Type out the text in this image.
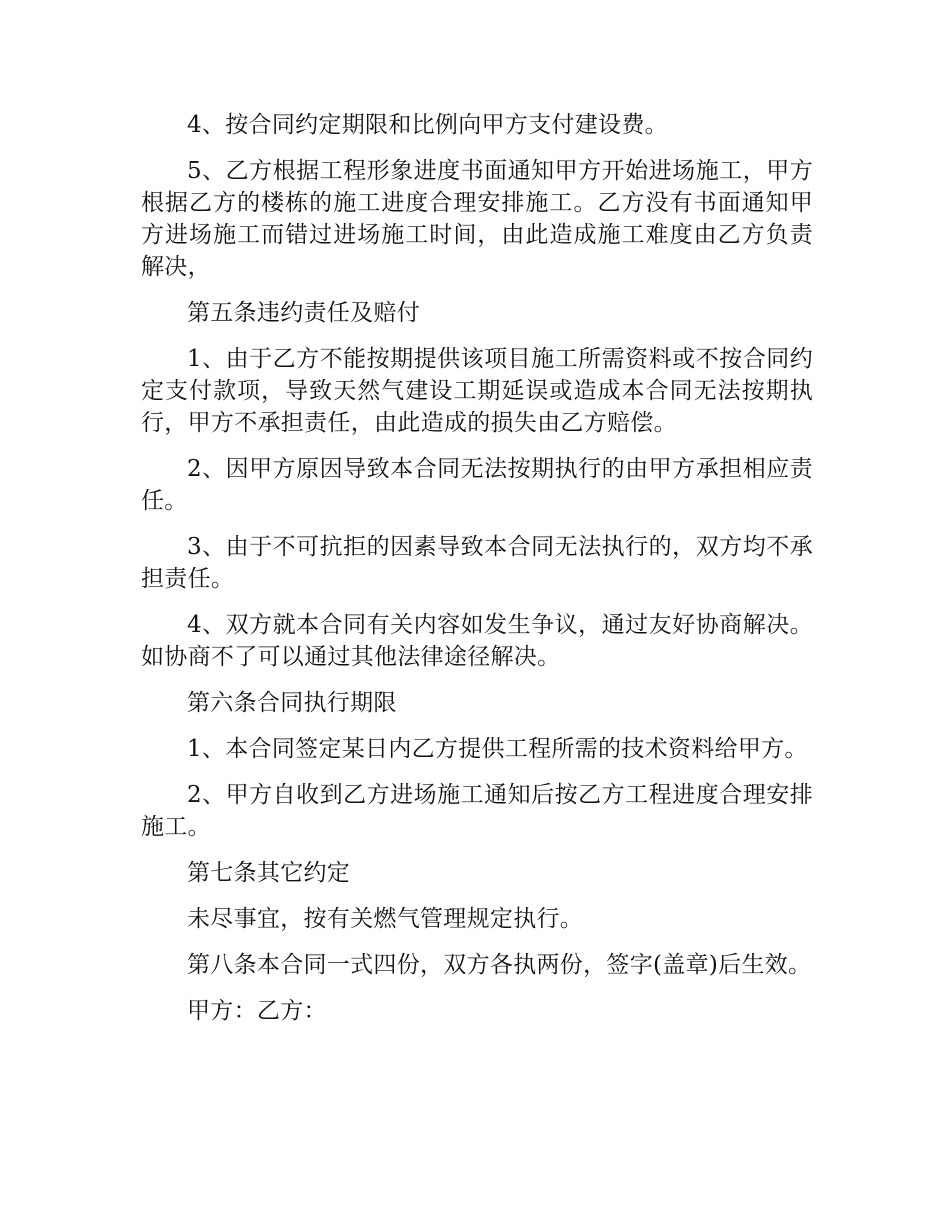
4、按合同约定期限和比例向甲方支付建设费。

5、乙方根据工程形象进度书面通知甲方开始进场施工，甲方根据乙方的楼栋的施工进度合理安排施工。乙方没有书面通知甲方进场施工而错过进场施工时间，由此造成施工难度由乙方负责解决，

第五条违约责任及赔付

1、由于乙方不能按期提供该项目施工所需资料或不按合同约定支付款项，导致天然气建设工期延误或造成本合同无法按期执行，甲方不承担责任，由此造成的损失由乙方赔偿。

2、因甲方原因导致本合同无法按期执行的由甲方承担相应责任。

3、由于不可抗拒的因素导致本合同无法执行的，双方均不承担责任。

4、双方就本合同有关内容如发生争议，通过友好协商解决。如协商不了可以通过其他法律途径解决。

第六条合同执行期限

1、本合同签定某日内乙方提供工程所需的技术资料给甲方。

2、甲方自收到乙方进场施工通知后按乙方工程进度合理安排施工。

第七条其它约定

未尽事宜，按有关燃气管理规定执行。

第八条本合同一式四份，双方各执两份，签字(盖章)后生效。

甲方：乙方：
